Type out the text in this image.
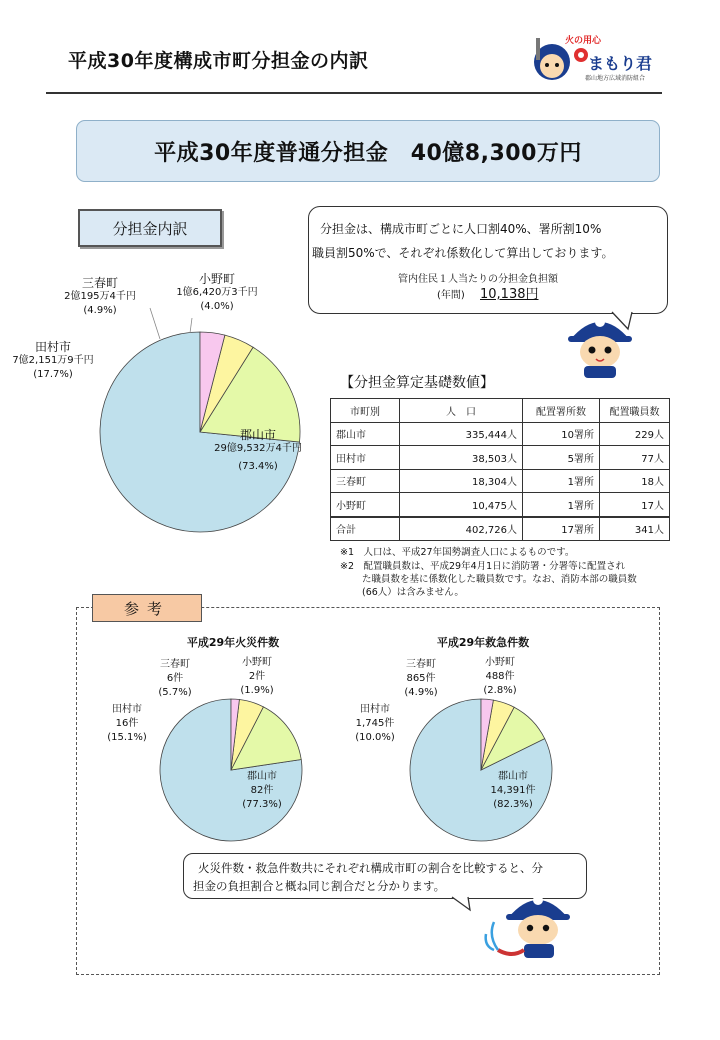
平成30年度構成市町分担金の内訳
火の用心
まもり君
郡山地方広域消防組合
平成30年度普通分担金　40億8,300万円
分担金内訳
郡山市
29億9,532万4千円
(73.4%)
田村市
7億2,151万9千円
(17.7%)
三春町
2億195万4千円
(4.9%)
小野町
1億6,420万3千円
(4.0%)
分担金は、構成市町ごとに人口割40%、署所割10%
職員割50%で、それぞれ係数化して算出しております。
管内住民１人当たりの分担金負担額
(年間) 10,138円
【分担金算定基礎数値】
市町別	人　口	配置署所数	配置職員数
郡山市	335,444人	10署所	229人
田村市	38,503人	5署所	77人
三春町	18,304人	1署所	18人
小野町	10,475人	1署所	17人
合計	402,726人	17署所	341人
※1　人口は、平成27年国勢調査人口によるものです。
※2　配置職員数は、平成29年4月1日に消防署・分署等に配置され
た職員数を基に係数化した職員数です。なお、消防本部の職員数
(66人）は含みません。
参考
平成29年火災件数
郡山市
82件
(77.3%)
田村市
16件
(15.1%)
三春町
6件
(5.7%)
小野町
2件
(1.9%)
平成29年救急件数
郡山市
14,391件
(82.3%)
田村市
1,745件
(10.0%)
三春町
865件
(4.9%)
小野町
488件
(2.8%)
火災件数・救急件数共にそれぞれ構成市町の割合を比較すると、分
担金の負担割合と概ね同じ割合だと分かります。
